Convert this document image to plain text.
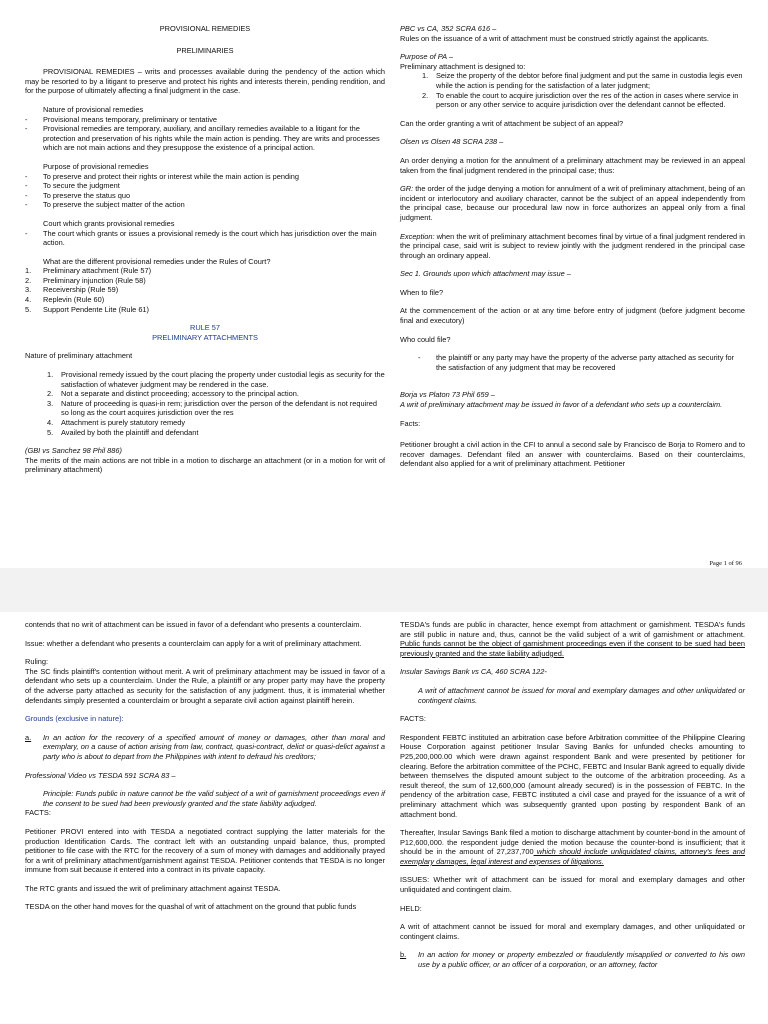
PROVISIONAL REMEDIES

PRELIMINARIES

PROVISIONAL REMEDIES – writs and processes available during the pendency of the action which may be resorted to by a litigant to preserve and protect his rights and interests therein, pending rendition, and for the purpose of ultimately affecting a final judgment in the case.

Nature of provisional remedies

- Provisional means temporary, preliminary or tentative
- Provisional remedies are temporary, auxiliary, and ancillary remedies available to a litigant for the protection and preservation of his rights while the main action is pending. They are writs and processes which are not main actions and they presuppose the existence of a principal action.

Purpose of provisional remedies

- To preserve and protect their rights or interest while the main action is pending
- To secure the judgment
- To preserve the status quo
- To preserve the subject matter of the action

Court which grants provisional remedies

- The court which grants or issues a provisional remedy is the court which has jurisdiction over the main action.

What are the different provisional remedies under the Rules of Court?

1. Preliminary attachment (Rule 57)
2. Preliminary injunction (Rule 58)
3. Receivership (Rule 59)
4. Replevin (Rule 60)
5. Support Pendente Lite (Rule 61)

RULE 57

PRELIMINARY ATTACHMENTS

Nature of preliminary attachment

1. Provisional remedy issued by the court placing the property under custodial legis as security for the satisfaction of whatever judgment may be rendered in the case.
2. Not a separate and distinct proceeding; accessory to the principal action.
3. Nature of proceeding is quasi-in rem; jurisdiction over the person of the defendant is not required so long as the court acquires jurisdiction over the res
4. Attachment is purely statutory remedy
5. Availed by both the plaintiff and defendant

(GBI vs Sanchez 98 Phil 886)

The merits of the main actions are not trible in a motion to discharge an attachment (or in a motion for writ of preliminary attachment)

PBC vs CA, 352 SCRA 616 –

Rules on the issuance of a writ of attachment must be construed strictly against the applicants.

Purpose of PA –

Preliminary attachment is designed to:

1. Seize the property of the debtor before final judgment and put the same in custodia legis even while the action is pending for the satisfaction of a later judgment;
2. To enable the court to acquire jurisdiction over the res of the action in cases where service in person or any other service to acquire jurisdiction over the defendant cannot be effected.

Can the order granting a writ of attachment be subject of an appeal?

Olsen vs Olsen 48 SCRA 238 –

An order denying a motion for the annulment of a preliminary attachment may be reviewed in an appeal taken from the final judgment rendered in the principal case; thus:

GR: the order of the judge denying a motion for annulment of a writ of preliminary attachment, being of an incident or interlocutory and auxiliary character, cannot be the subject of an appeal independently from the principal case, because our procedural law now in force authorizes an appeal only from a final judgment.

Exception: when the writ of preliminary attachment becomes final by virtue of a final judgment rendered in the principal case, said writ is subject to review jointly with the judgment rendered in the principal case through an ordinary appeal.

Sec 1. Grounds upon which attachment may issue –

When to file?

At the commencement of the action or at any time before entry of judgment (before judgment become final and executory)

Who could file?

- the plaintiff or any party may have the property of the adverse party attached as security for the satisfaction of any judgment that may be recovered

Borja vs Platon 73 Phil 659 –

A writ of preliminary attachment may be issued in favor of a defendant who sets up a counterclaim.

Facts:

Petitioner brought a civil action in the CFI to annul a second sale by Francisco de Borja to Romero and to recover damages. Defendant filed an answer with counterclaims. Based on their counterclaims, defendant also applied for a writ of preliminary attachment. Petitioner

Page 1 of 96

contends that no writ of attachment can be issued in favor of a defendant who presents a counterclaim.

Issue: whether a defendant who presents a counterclaim can apply for a writ of preliminary attachment.

Ruling:

The SC finds plaintiff's contention without merit. A writ of preliminary attachment may be issued in favor of a defendant who sets up a counterclaim. Under the Rule, a plaintiff or any proper party may have the property of the adverse party attached as security for the satisfaction of any judgment. thus, it is immaterial whether defendants simply presented a counterclaim or brought a separate civil action against plaintiff herein.

Grounds (exclusive in nature):

a. In an action for the recovery of a specified amount of money or damages, other than moral and exemplary, on a cause of action arising from law, contract, quasi-contract, delict or quasi-delict against a party who is about to depart from the Philippines with intent to defraud his creditors;

Professional Video vs TESDA 591 SCRA 83 –

Principle: Funds public in nature cannot be the valid subject of a writ of garnishment proceedings even if the consent to be sued had been previously granted and the state liability adjudged.

FACTS:

Petitioner PROVI entered into with TESDA a negotiated contract supplying the latter materials for the production Identification Cards. The contract left with an outstanding unpaid balance, thus, prompted petitioner to file case with the RTC for the recovery of a sum of money with damages and additionally prayed for a writ of preliminary attachment/garnishment against TESDA. Petitioner contends that TESDA is no longer immune from suit because it entered into a contract in its private capacity.

The RTC grants and issued the writ of preliminary attachment against TESDA.

TESDA on the other hand moves for the quashal of writ of attachment on the ground that public funds

TESDA's funds are public in character, hence exempt from attachment or garnishment. TESDA's funds are still public in nature and, thus, cannot be the valid subject of a writ of garnishment or attachment. Public funds cannot be the object of garnishment proceedings even if the consent to be sued had been previously granted and the state liability adjudged.

Insular Savings Bank vs CA, 460 SCRA 122-

A writ of attachment cannot be issued for moral and exemplary damages and other unliquidated or contingent claims.

FACTS:

Respondent FEBTC instituted an arbitration case before Arbitration committee of the Philippine Clearing House Corporation against petitioner Insular Saving Banks for unfunded checks amounting to P25,200,000.00 which were drawn against respondent Bank and were presented by petitioner for clearing. Before the arbitration committee of the PCHC, FEBTC and Insular Bank agreed to equally divide between themselves the disputed amount subject to the outcome of the arbitration proceeding. As a result thereof, the sum of 12,600,000 (amount already secured) is in the possession of FEBTC. In the pendency of the arbitration case, FEBTC instituted a civil case and prayed for the issuance of a writ of preliminary attachment which was subsequently granted upon posting by respondent Bank of an attachment bond.

Thereafter, Insular Savings Bank filed a motion to discharge attachment by counter-bond in the amount of P12,600,000. the respondent judge denied the motion because the counter-bond is insufficient; that it should be in the amount of 27,237,700 which should include unliquidated claims, attorney's fees and exemplary damages, legal interest and expenses of litigations.

ISSUES: Whether writ of attachment can be issued for moral and exemplary damages and other unliquidated and contingent claim.

HELD:

A writ of attachment cannot be issued for moral and exemplary damages, and other unliquidated or contingent claims.

b. In an action for money or property embezzled or fraudulently misapplied or converted to his own use by a public officer, or an officer of a corporation, or an attorney, factor
